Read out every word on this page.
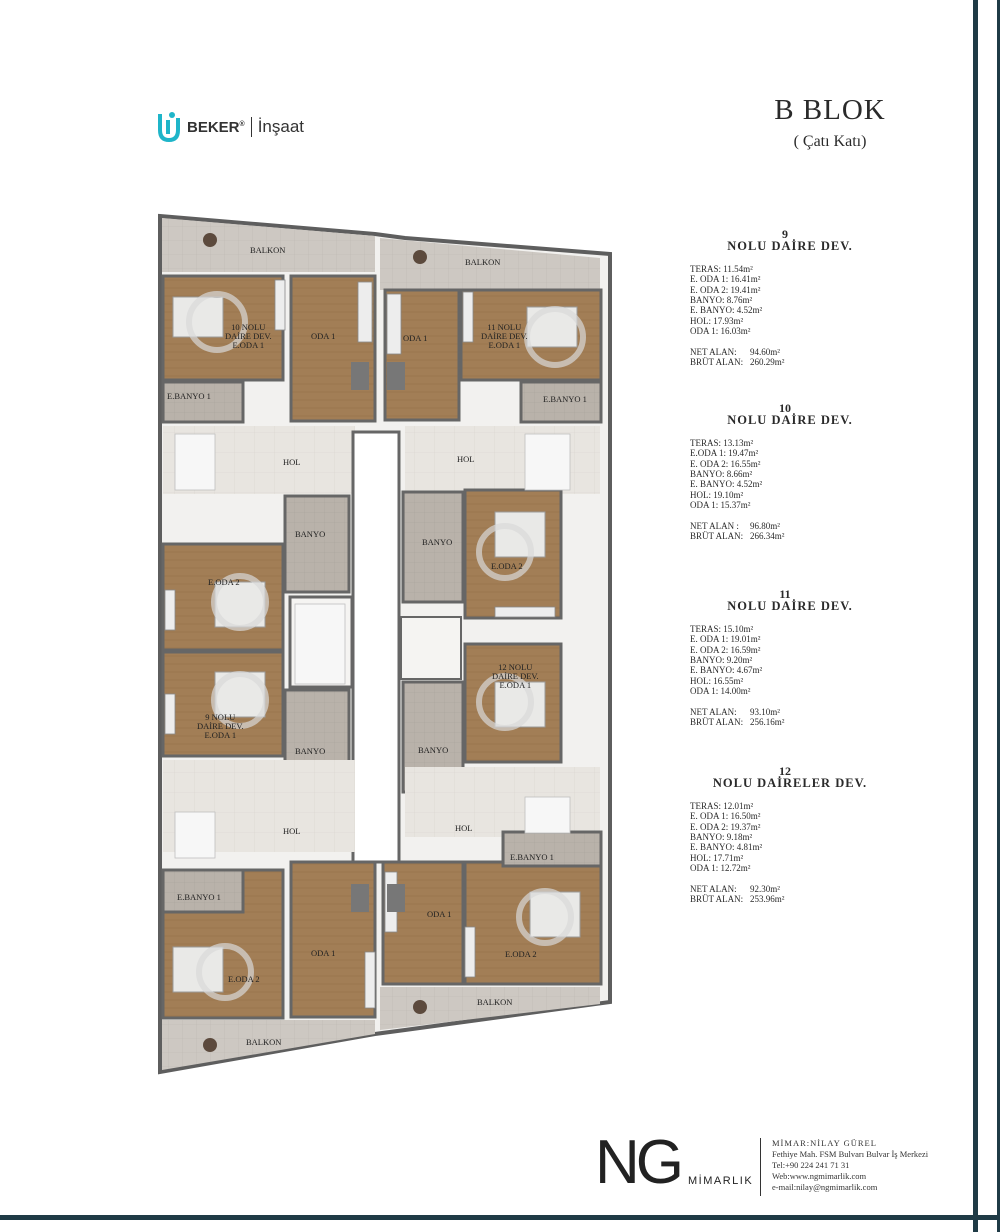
BEKER® İnşaat
B BLOK
( Çatı Katı)
BALKON
BALKON
10 NOLU
DAİRE DEV.
E.ODA 1
ODA 1	ODA 1
11 NOLU
DAİRE DEV.
E.ODA 1
E.BANYO 1	E.BANYO 1
HOL	HOL
BANYO
BANYO
E.ODA 2
E.ODA 2
12 NOLU
DAİRE DEV.
E.ODA 1
9 NOLU
DAİRE DEV.
E.ODA 1
BANYO	BANYO
HOL	HOL
E.BANYO 1
E.BANYO 1
ODA 1
ODA 1
E.ODA 2
E.ODA 2
BALKON
BALKON
9
NOLU DAİRE DEV.
TERAS: 11.54m²
E. ODA 1: 16.41m²
E. ODA 2: 19.41m²
BANYO: 8.76m²
E. BANYO: 4.52m²
HOL: 17.93m²
ODA 1: 16.03m²
NET ALAN: 94.60m²
BRÜT ALAN: 260.29m²
10
NOLU DAİRE DEV.
TERAS: 13.13m²
E.ODA 1: 19.47m²
E. ODA 2: 16.55m²
BANYO: 8.66m²
E. BANYO: 4.52m²
HOL: 19.10m²
ODA 1: 15.37m²
NET ALAN : 96.80m²
BRÜT ALAN: 266.34m²
11
NOLU DAİRE DEV.
TERAS: 15.10m²
E. ODA 1: 19.01m²
E. ODA 2: 16.59m²
BANYO: 9.20m²
E. BANYO: 4.67m²
HOL: 16.55m²
ODA 1: 14.00m²
NET ALAN: 93.10m²
BRÜT ALAN: 256.16m²
12
NOLU DAİRELER DEV.
TERAS: 12.01m²
E. ODA 1: 16.50m²
E. ODA 2: 19.37m²
BANYO: 9.18m²
E. BANYO: 4.81m²
HOL: 17.71m²
ODA 1: 12.72m²
NET ALAN: 92.30m²
BRÜT ALAN: 253.96m²
NG MİMARLIK
MİMAR:NİLAY GÜREL
Fethiye Mah. FSM Bulvarı Bulvar İş Merkezi
Tel:+90 224 241 71 31
Web:www.ngmimarlik.com
e-mail:nilay@ngmimarlik.com
